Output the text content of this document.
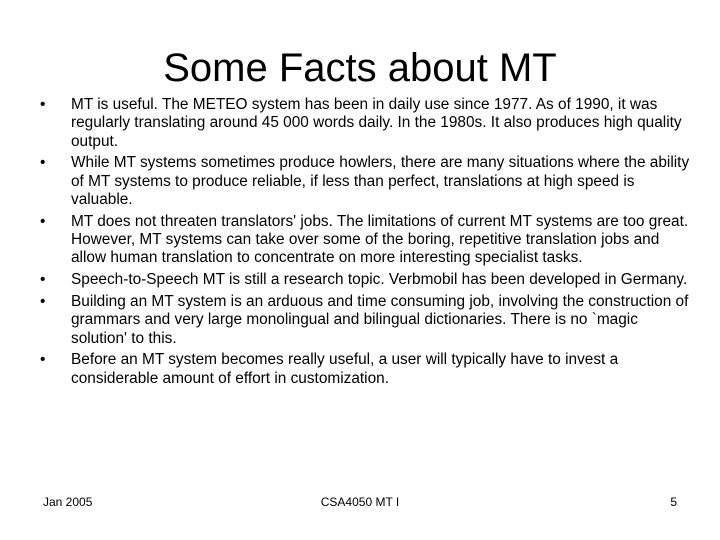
Some Facts about MT
• MT is useful. The METEO system has been in daily use since 1977. As of 1990, it was regularly translating around 45 000 words daily. In the 1980s. It also produces high quality output.
• While MT systems sometimes produce howlers, there are many situations where the ability of MT systems to produce reliable, if less than perfect, translations at high speed is valuable.
• MT does not threaten translators' jobs. The limitations of current MT systems are too great. However, MT systems can take over some of the boring, repetitive translation jobs and allow human translation to concentrate on more interesting specialist tasks.
• Speech-to-Speech MT is still a research topic. Verbmobil has been developed in Germany.
• Building an MT system is an arduous and time consuming job, involving the construction of grammars and very large monolingual and bilingual dictionaries. There is no `magic solution' to this.
• Before an MT system becomes really useful, a user will typically have to invest a considerable amount of effort in customization.
Jan 2005	CSA4050 MT I	5
